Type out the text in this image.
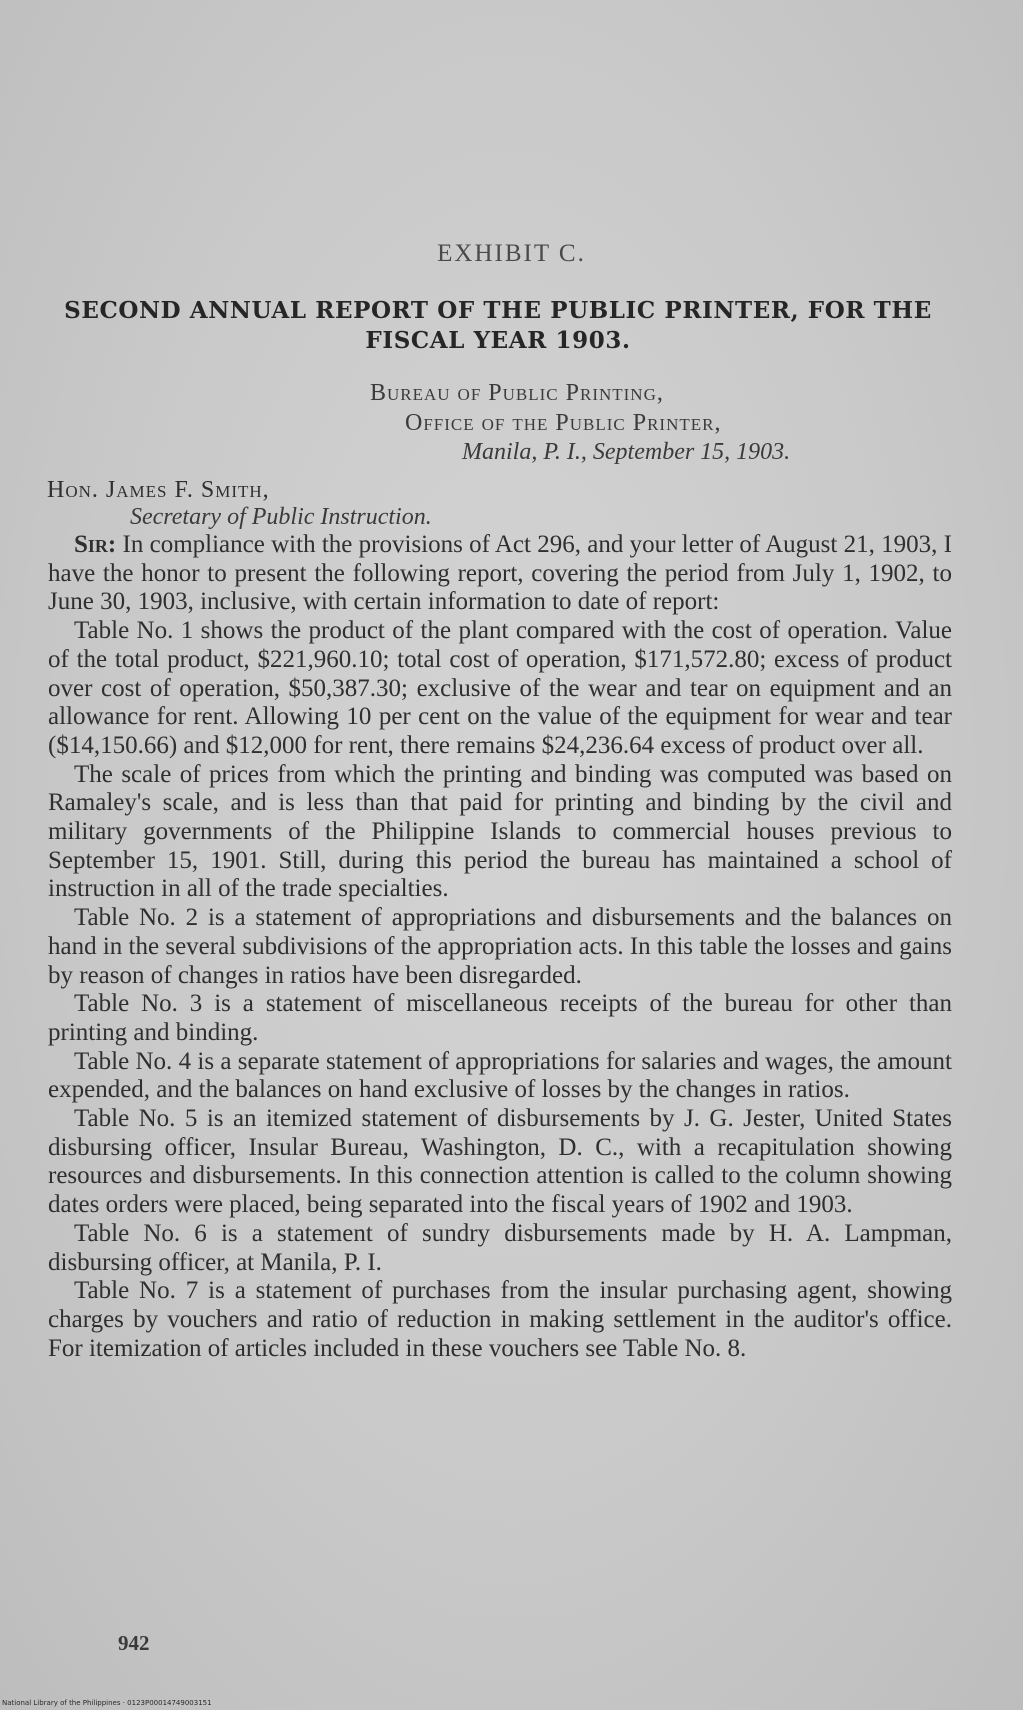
EXHIBIT C.
SECOND ANNUAL REPORT OF THE PUBLIC PRINTER, FOR THE
FISCAL YEAR 1903.
Bureau of Public Printing,
Office of the Public Printer,
Manila, P. I., September 15, 1903.
Hon. James F. Smith,
Secretary of Public Instruction.

Sir: In compliance with the provisions of Act 296, and your letter of August 21, 1903, I have the honor to present the following report, covering the period from July 1, 1902, to June 30, 1903, inclusive, with certain information to date of report:

Table No. 1 shows the product of the plant compared with the cost of operation. Value of the total product, $221,960.10; total cost of operation, $171,572.80; excess of product over cost of operation, $50,387.30; exclusive of the wear and tear on equipment and an allowance for rent. Allowing 10 per cent on the value of the equipment for wear and tear ($14,150.66) and $12,000 for rent, there remains $24,236.64 excess of product over all.

The scale of prices from which the printing and binding was computed was based on Ramaley's scale, and is less than that paid for printing and binding by the civil and military governments of the Philippine Islands to commercial houses previous to September 15, 1901. Still, during this period the bureau has maintained a school of instruction in all of the trade specialties.

Table No. 2 is a statement of appropriations and disbursements and the balances on hand in the several subdivisions of the appropriation acts. In this table the losses and gains by reason of changes in ratios have been disregarded.

Table No. 3 is a statement of miscellaneous receipts of the bureau for other than printing and binding.

Table No. 4 is a separate statement of appropriations for salaries and wages, the amount expended, and the balances on hand exclusive of losses by the changes in ratios.

Table No. 5 is an itemized statement of disbursements by J. G. Jester, United States disbursing officer, Insular Bureau, Washington, D. C., with a recapitulation showing resources and disbursements. In this connection attention is called to the column showing dates orders were placed, being separated into the fiscal years of 1902 and 1903.

Table No. 6 is a statement of sundry disbursements made by H. A. Lampman, disbursing officer, at Manila, P. I.

Table No. 7 is a statement of purchases from the insular purchasing agent, showing charges by vouchers and ratio of reduction in making settlement in the auditor's office. For itemization of articles included in these vouchers see Table No. 8.

942
National Library of the Philippines · 0123P00014749003151
